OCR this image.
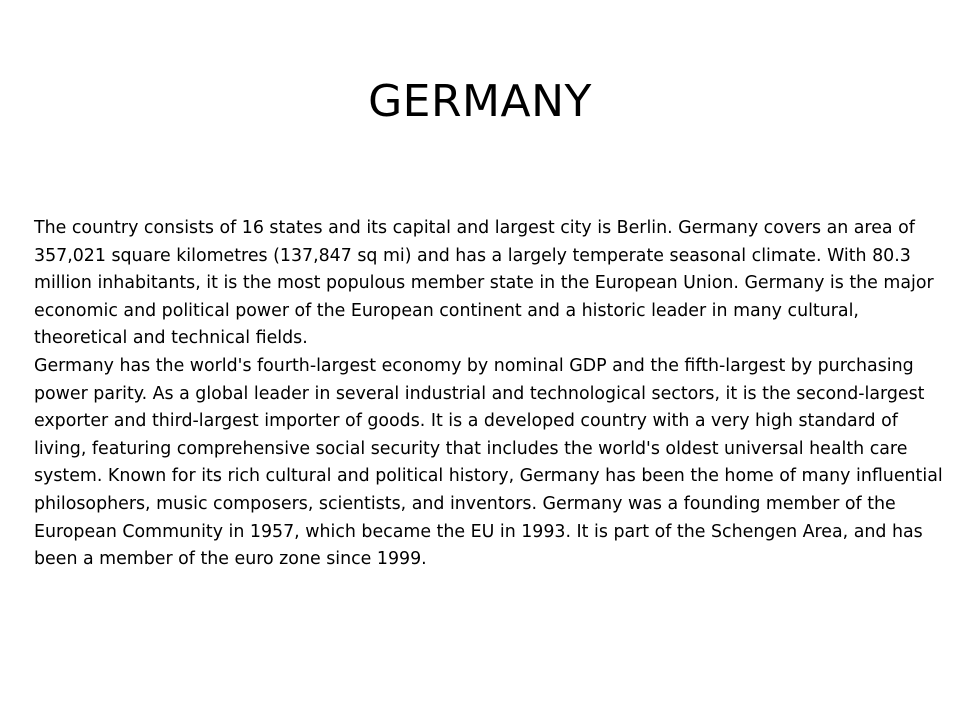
GERMANY

The country consists of 16 states and its capital and largest city is Berlin. Germany covers an area of 357,021 square kilometres (137,847 sq mi) and has a largely temperate seasonal climate. With 80.3 million inhabitants, it is the most populous member state in the European Union. Germany is the major economic and political power of the European continent and a historic leader in many cultural, theoretical and technical fields.

Germany has the world's fourth-largest economy by nominal GDP and the fifth-largest by purchasing power parity. As a global leader in several industrial and technological sectors, it is the second-largest exporter and third-largest importer of goods. It is a developed country with a very high standard of living, featuring comprehensive social security that includes the world's oldest universal health care system. Known for its rich cultural and political history, Germany has been the home of many influential philosophers, music composers, scientists, and inventors. Germany was a founding member of the European Community in 1957, which became the EU in 1993. It is part of the Schengen Area, and has been a member of the euro zone since 1999.
